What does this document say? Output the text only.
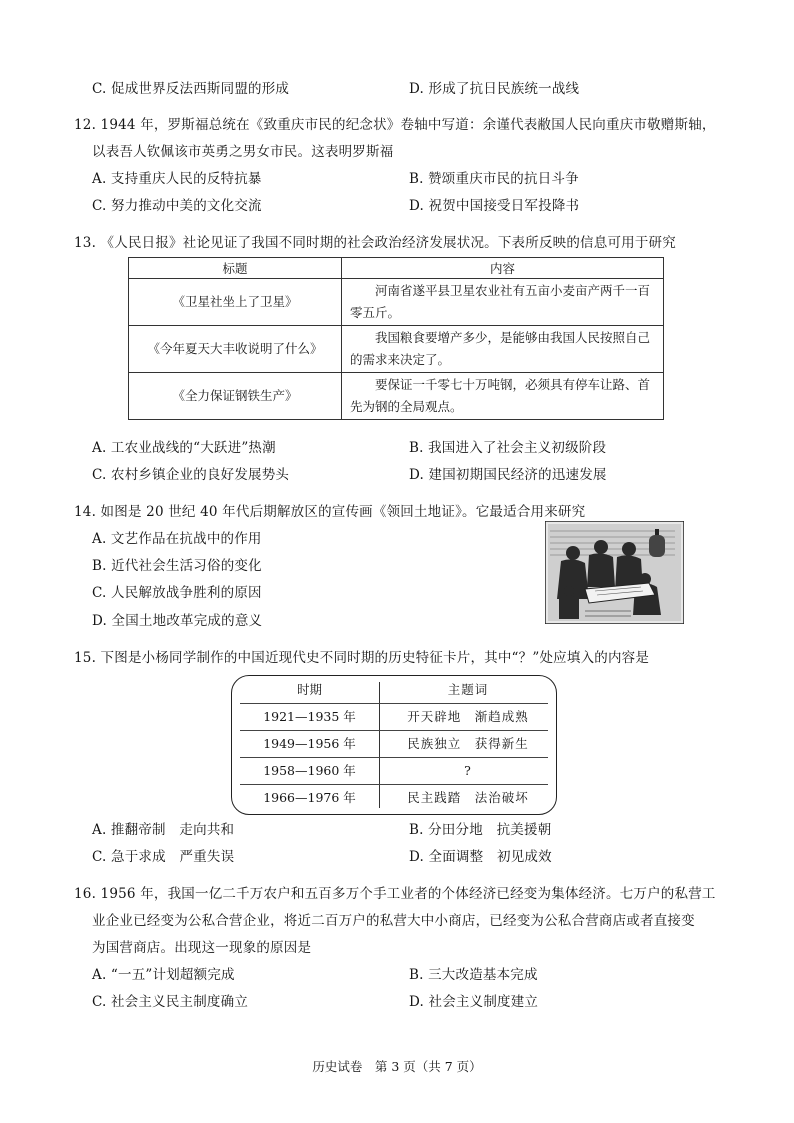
C. 促成世界反法西斯同盟的形成	D. 形成了抗日民族统一战线
12. 1944 年，罗斯福总统在《致重庆市民的纪念状》卷轴中写道：余谨代表敝国人民向重庆市敬赠斯轴，
以表吾人钦佩该市英勇之男女市民。这表明罗斯福
A. 支持重庆人民的反特抗暴	B. 赞颂重庆市民的抗日斗争
C. 努力推动中美的文化交流	D. 祝贺中国接受日军投降书
13. 《人民日报》社论见证了我国不同时期的社会政治经济发展状况。下表所反映的信息可用于研究
标题	内容
《卫星社坐上了卫星》	　　河南省遂平县卫星农业社有五亩小麦亩产两千一百零五斤。
《今年夏天大丰收说明了什么》	　　我国粮食要增产多少，是能够由我国人民按照自己的需求来决定了。
《全力保证钢铁生产》	　　要保证一千零七十万吨钢，必须具有停车让路、首先为钢的全局观点。
A. 工农业战线的“大跃进”热潮	B. 我国进入了社会主义初级阶段
C. 农村乡镇企业的良好发展势头	D. 建国初期国民经济的迅速发展
14. 如图是 20 世纪 40 年代后期解放区的宣传画《领回土地证》。它最适合用来研究
A. 文艺作品在抗战中的作用
B. 近代社会生活习俗的变化
C. 人民解放战争胜利的原因
D. 全国土地改革完成的意义
15. 下图是小杨同学制作的中国近现代史不同时期的历史特征卡片，其中“？”处应填入的内容是
时期	主题词
1921—1935 年	开天辟地　渐趋成熟
1949—1956 年	民族独立　获得新生
1958—1960 年	?
1966—1976 年	民主践踏　法治破坏
A. 推翻帝制　走向共和	B. 分田分地　抗美援朝
C. 急于求成　严重失误	D. 全面调整　初见成效
16. 1956 年，我国一亿二千万农户和五百多万个手工业者的个体经济已经变为集体经济。七万户的私营工
业企业已经变为公私合营企业，将近二百万户的私营大中小商店，已经变为公私合营商店或者直接变
为国营商店。出现这一现象的原因是
A. “一五”计划超额完成	B. 三大改造基本完成
C. 社会主义民主制度确立	D. 社会主义制度建立
历史试卷　第 3 页（共 7 页）
